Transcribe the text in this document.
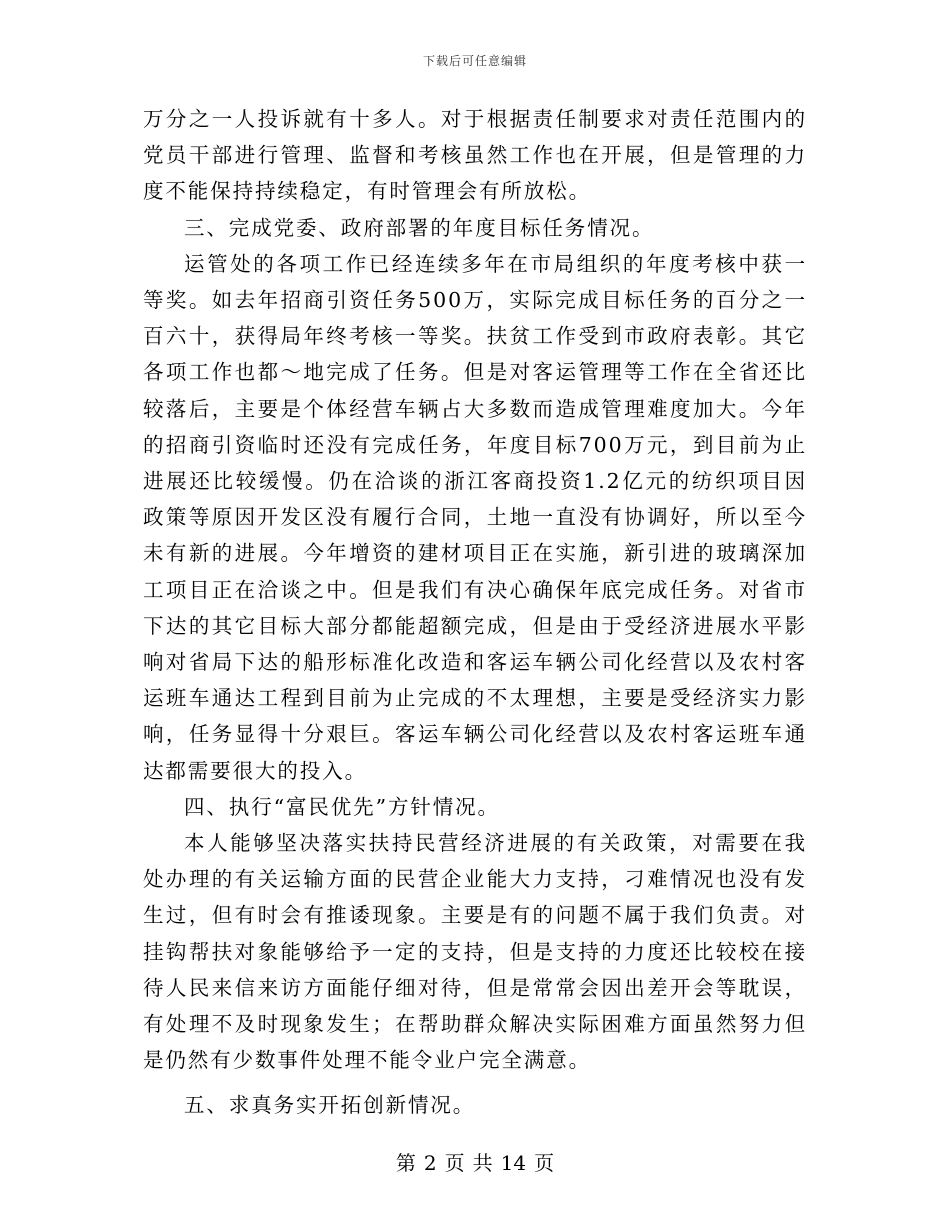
下载后可任意编辑

万分之一人投诉就有十多人。对于根据责任制要求对责任范围内的党员干部进行管理、监督和考核虽然工作也在开展，但是管理的力度不能保持持续稳定，有时管理会有所放松。

三、完成党委、政府部署的年度目标任务情况。

运管处的各项工作已经连续多年在市局组织的年度考核中获一等奖。如去年招商引资任务500万，实际完成目标任务的百分之一百六十，获得局年终考核一等奖。扶贫工作受到市政府表彰。其它各项工作也都～地完成了任务。但是对客运管理等工作在全省还比较落后，主要是个体经营车辆占大多数而造成管理难度加大。今年的招商引资临时还没有完成任务，年度目标700万元，到目前为止进展还比较缓慢。仍在洽谈的浙江客商投资1.2亿元的纺织项目因政策等原因开发区没有履行合同，土地一直没有协调好，所以至今未有新的进展。今年增资的建材项目正在实施，新引进的玻璃深加工项目正在洽谈之中。但是我们有决心确保年底完成任务。对省市下达的其它目标大部分都能超额完成，但是由于受经济进展水平影响对省局下达的船形标准化改造和客运车辆公司化经营以及农村客运班车通达工程到目前为止完成的不太理想，主要是受经济实力影响，任务显得十分艰巨。客运车辆公司化经营以及农村客运班车通达都需要很大的投入。

四、执行“富民优先”方针情况。

本人能够坚决落实扶持民营经济进展的有关政策，对需要在我处办理的有关运输方面的民营企业能大力支持，刁难情况也没有发生过，但有时会有推诿现象。主要是有的问题不属于我们负责。对挂钩帮扶对象能够给予一定的支持，但是支持的力度还比较校在接待人民来信来访方面能仔细对待，但是常常会因出差开会等耽误，有处理不及时现象发生；在帮助群众解决实际困难方面虽然努力但是仍然有少数事件处理不能令业户完全满意。

五、求真务实开拓创新情况。

第 2 页 共 14 页
